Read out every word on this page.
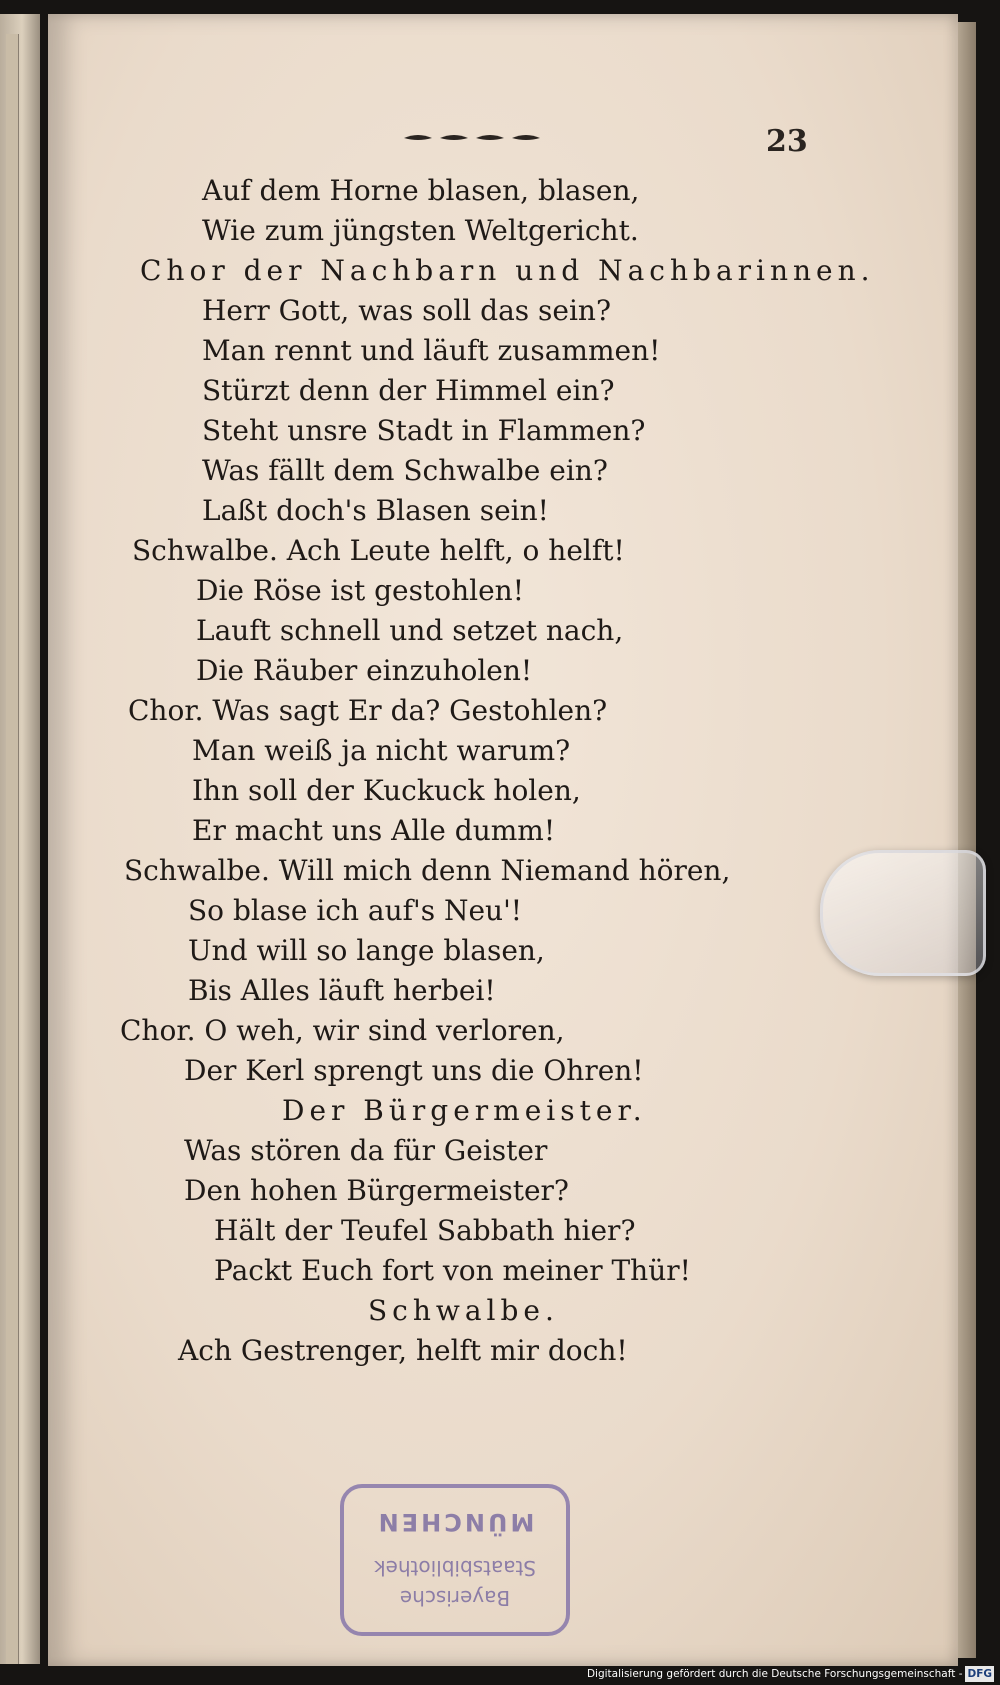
23
Auf dem Horne blasen, blasen,
Wie zum jüngsten Weltgericht.
Chor der Nachbarn und Nachbarinnen.
Herr Gott, was soll das sein?
Man rennt und läuft zusammen!
Stürzt denn der Himmel ein?
Steht unsre Stadt in Flammen?
Was fällt dem Schwalbe ein?
Laßt doch's Blasen sein!
Schwalbe. Ach Leute helft, o helft!
Die Röse ist gestohlen!
Lauft schnell und setzet nach,
Die Räuber einzuholen!
Chor. Was sagt Er da? Gestohlen?
Man weiß ja nicht warum?
Ihn soll der Kuckuck holen,
Er macht uns Alle dumm!
Schwalbe. Will mich denn Niemand hören,
So blase ich auf's Neu'!
Und will so lange blasen,
Bis Alles läuft herbei!
Chor. O weh, wir sind verloren,
Der Kerl sprengt uns die Ohren!
Der Bürgermeister.
Was stören da für Geister
Den hohen Bürgermeister?
Hält der Teufel Sabbath hier?
Packt Euch fort von meiner Thür!
Schwalbe.
Ach Gestrenger, helft mir doch!
Bayerische
Staatsbibliothek
MÜNCHEN
Digitalisierung gefördert durch die Deutsche Forschungsgemeinschaft - DFG
